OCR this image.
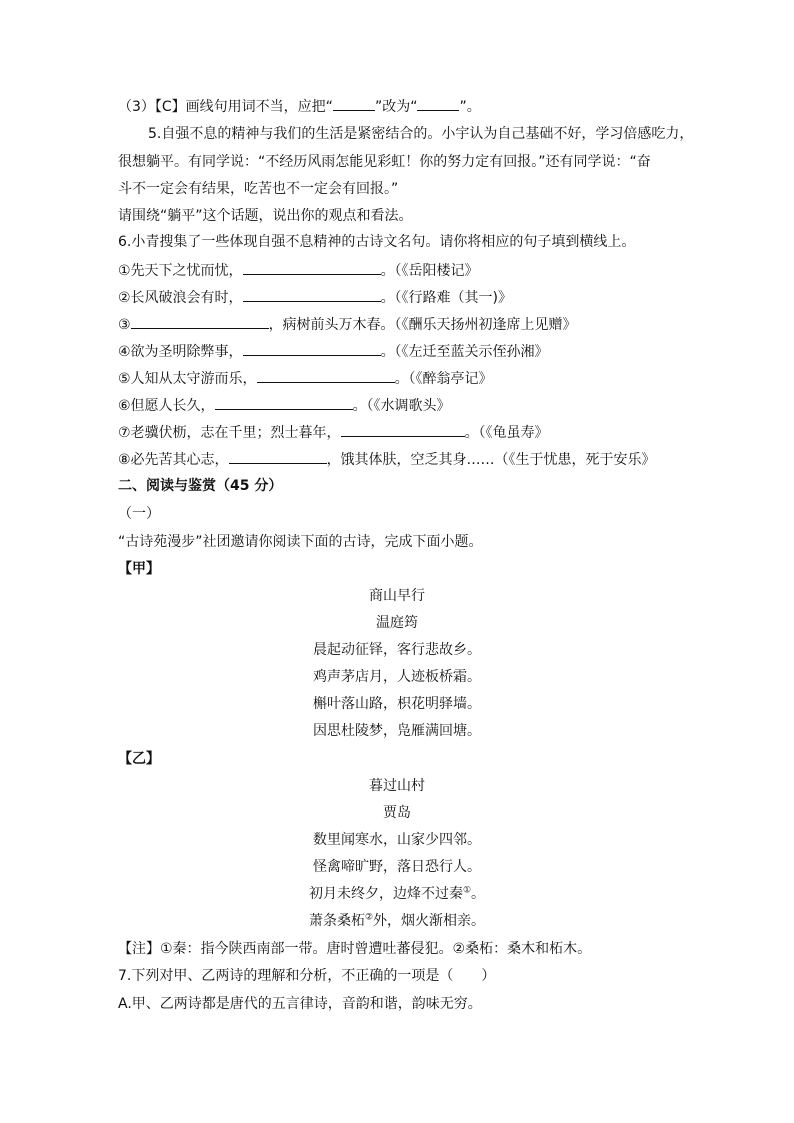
（3）【C】画线句用词不当，应把“	”改为“	”。
5.自强不息的精神与我们的生活是紧密结合的。小宇认为自己基础不好，学习倍感吃力，
很想躺平。有同学说：“不经历风雨怎能见彩虹！你的努力定有回报。”还有同学说：“奋
斗不一定会有结果，吃苦也不一定会有回报。”
请围绕“躺平”这个话题，说出你的观点和看法。
6.小青搜集了一些体现自强不息精神的古诗文名句。请你将相应的句子填到横线上。
①先天下之忧而忧，	。（《岳阳楼记》
②长风破浪会有时，	。（《行路难（其一)》
③	，病树前头万木春。（《酬乐天扬州初逢席上见赠》
④欲为圣明除弊事，	。（《左迁至蓝关示侄孙湘》
⑤人知从太守游而乐，	。（《醉翁亭记》
⑥但愿人长久，	。（《水调歌头》
⑦老骥伏枥，志在千里；烈士暮年，	。（《龟虽寿》
⑧必先苦其心志，	，饿其体肤，空乏其身……（《生于忧患，死于安乐》
二、阅读与鉴赏（45 分）
（一）
“古诗苑漫步”社团邀请你阅读下面的古诗，完成下面小题。
【甲】
商山早行
温庭筠
晨起动征铎，客行悲故乡。
鸡声茅店月，人迹板桥霜。
槲叶落山路，枳花明驿墙。
因思杜陵梦，凫雁满回塘。
【乙】
暮过山村
贾岛
数里闻寒水，山家少四邻。
怪禽啼旷野，落日恐行人。
初月未终夕，边烽不过秦①。
萧条桑柘②外，烟火渐相亲。
【注】①秦：指今陕西南部一带。唐时曾遭吐蕃侵犯。②桑柘：桑木和柘木。
7.下列对甲、乙两诗的理解和分析，不正确的一项是（　　）
A.甲、乙两诗都是唐代的五言律诗，音韵和谐，韵味无穷。
